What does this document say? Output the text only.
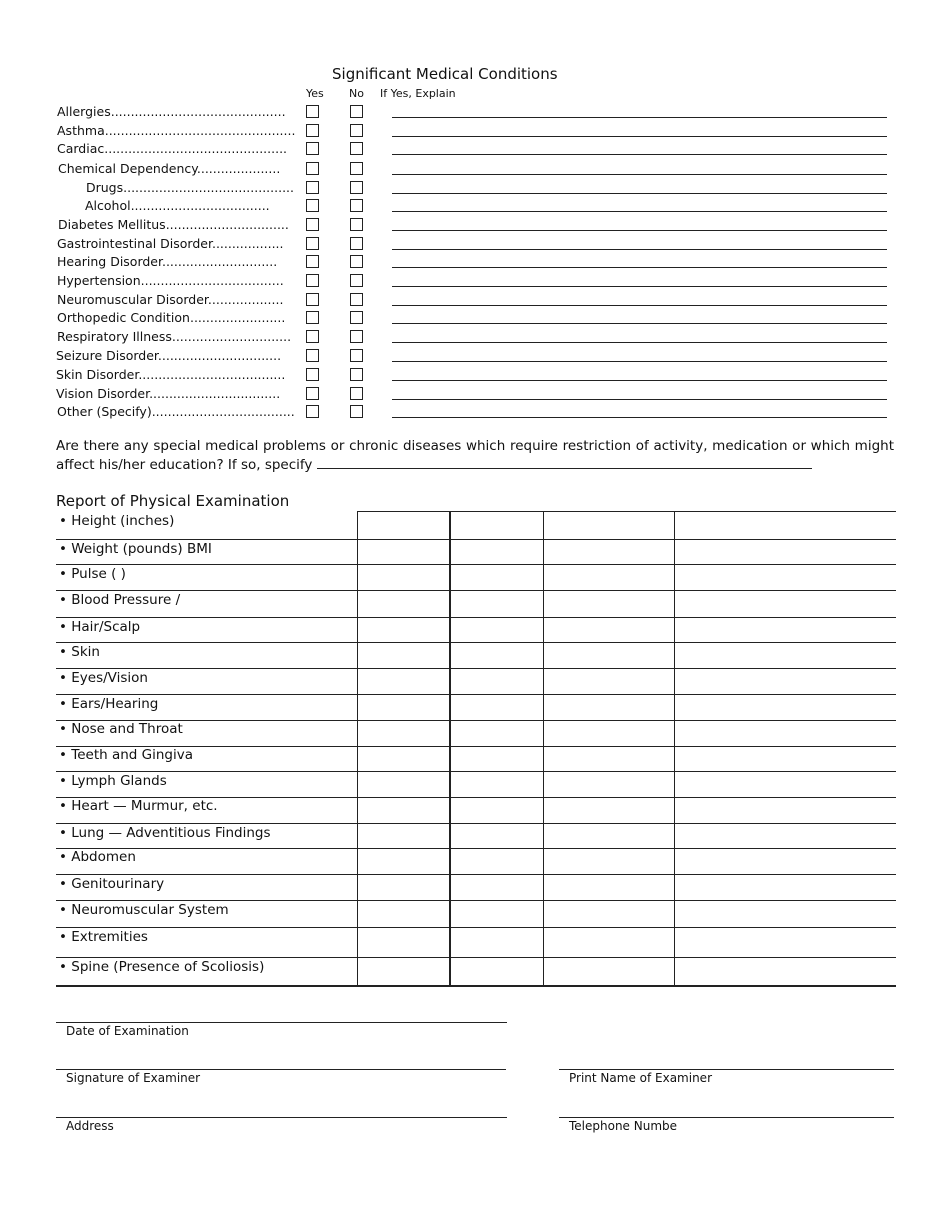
Significant Medical Conditions
Yes No If Yes, Explain
Allergies............................................
Asthma................................................
Cardiac..............................................
Chemical Dependency.....................
Drugs...........................................
Alcohol...................................
Diabetes Mellitus...............................
Gastrointestinal Disorder..................
Hearing Disorder.............................
Hypertension....................................
Neuromuscular Disorder...................
Orthopedic Condition........................
Respiratory Illness..............................
Seizure Disorder...............................
Skin Disorder.....................................
Vision Disorder.................................
Other (Specify)....................................
Are there any special medical problems or chronic diseases which require restriction of activity, medication or which might affect his/her education? If so, specify
Report of Physical Examination
• Height (inches)
• Weight (pounds) BMI
• Pulse ( )
• Blood Pressure /
• Hair/Scalp
• Skin
• Eyes/Vision
• Ears/Hearing
• Nose and Throat
• Teeth and Gingiva
• Lymph Glands
• Heart — Murmur, etc.
• Lung — Adventitious Findings
• Abdomen
• Genitourinary
• Neuromuscular System
• Extremities
• Spine (Presence of Scoliosis)
Date of Examination
Signature of Examiner	Print Name of Examiner
Address	Telephone Numbe
